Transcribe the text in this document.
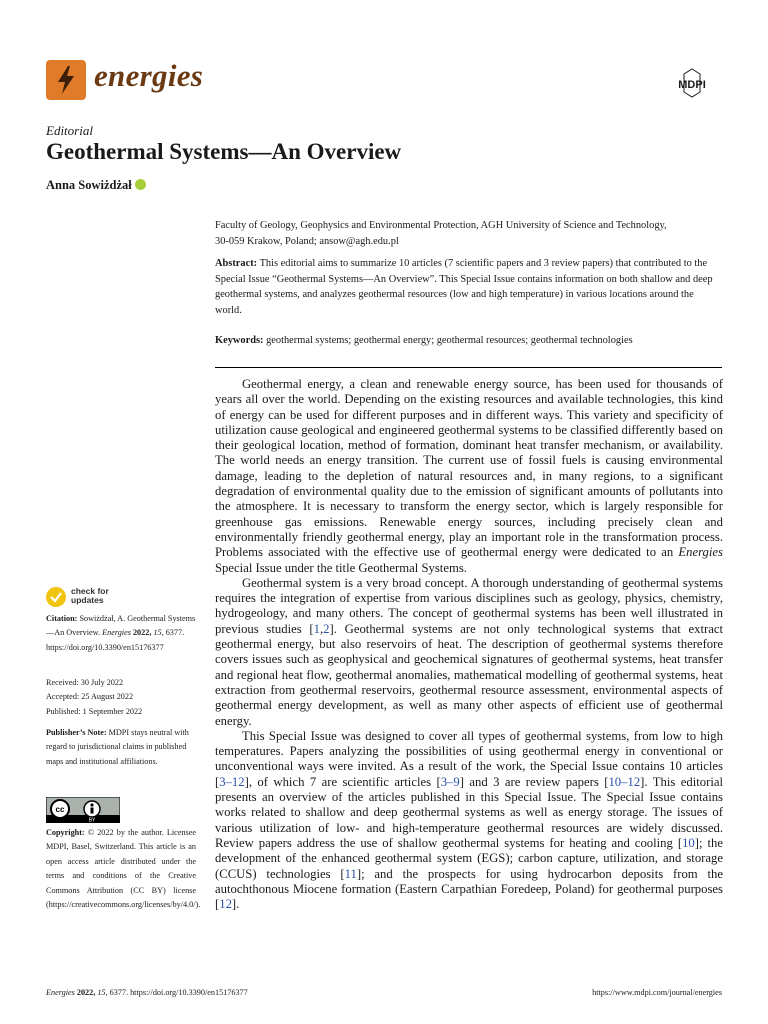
energies	MDPI
Editorial
Geothermal Systems—An Overview
Anna Sowiżdżał
Faculty of Geology, Geophysics and Environmental Protection, AGH University of Science and Technology,
30-059 Krakow, Poland; ansow@agh.edu.pl
Abstract: This editorial aims to summarize 10 articles (7 scientific papers and 3 review papers) that contributed to the Special Issue “Geothermal Systems—An Overview”. This Special Issue contains information on both shallow and deep geothermal systems, and analyzes geothermal resources (low and high temperature) in various locations around the world.
Keywords: geothermal systems; geothermal energy; geothermal resources; geothermal technologies

Geothermal energy, a clean and renewable energy source, has been used for thousands of years all over the world. Depending on the existing resources and available technologies, this kind of energy can be used for different purposes and in different ways. This variety and specificity of utilization cause geological and engineered geothermal systems to be classified differently based on their geological location, method of formation, dominant heat transfer mechanism, or availability. The world needs an energy transition. The current use of fossil fuels is causing environmental damage, leading to the depletion of natural resources and, in many regions, to a significant degradation of environmental quality due to the emission of significant amounts of pollutants into the atmosphere. It is necessary to transform the energy sector, which is largely responsible for greenhouse gas emissions. Renewable energy sources, including precisely clean and environmentally friendly geothermal energy, play an important role in the transformation process. Problems associated with the effective use of geothermal energy were dedicated to an Energies Special Issue under the title Geothermal Systems.

Geothermal system is a very broad concept. A thorough understanding of geothermal systems requires the integration of expertise from various disciplines such as geology, physics, chemistry, hydrogeology, and many others. The concept of geothermal systems has been well illustrated in previous studies [1,2]. Geothermal systems are not only technological systems that extract geothermal energy, but also reservoirs of heat. The description of geothermal systems therefore covers issues such as geophysical and geochemical signatures of geothermal systems, heat transfer and regional heat flow, geothermal anomalies, mathematical modelling of geothermal systems, heat extraction from geothermal reservoirs, geothermal resource assessment, environmental aspects of geothermal energy development, as well as many other aspects of efficient use of geothermal energy.

This Special Issue was designed to cover all types of geothermal systems, from low to high temperatures. Papers analyzing the possibilities of using geothermal energy in conventional or unconventional ways were invited. As a result of the work, the Special Issue contains 10 articles [3–12], of which 7 are scientific articles [3–9] and 3 are review papers [10–12]. This editorial presents an overview of the articles published in this Special Issue. The Special Issue contains works related to shallow and deep geothermal systems as well as energy storage. The issues of various utilization of low- and high-temperature geothermal resources are widely discussed. Review papers address the use of shallow geothermal systems for heating and cooling [10]; the development of the enhanced geothermal system (EGS); carbon capture, utilization, and storage (CCUS) technologies [11]; and the prospects for using hydrocarbon deposits from the autochthonous Miocene formation (Eastern Carpathian Foredeep, Poland) for geothermal purposes [12].

check for
updates
Citation: Sowiżdżał, A. Geothermal Systems—An Overview. Energies 2022, 15, 6377. https://doi.org/10.3390/en15176377
Received: 30 July 2022
Accepted: 25 August 2022
Published: 1 September 2022
Publisher’s Note: MDPI stays neutral with regard to jurisdictional claims in published maps and institutional affiliations.
cc
BY
Copyright: © 2022 by the author. Licensee MDPI, Basel, Switzerland. This article is an open access article distributed under the terms and conditions of the Creative Commons Attribution (CC BY) license (https://creativecommons.org/licenses/by/4.0/).
Energies 2022, 15, 6377. https://doi.org/10.3390/en15176377	https://www.mdpi.com/journal/energies
